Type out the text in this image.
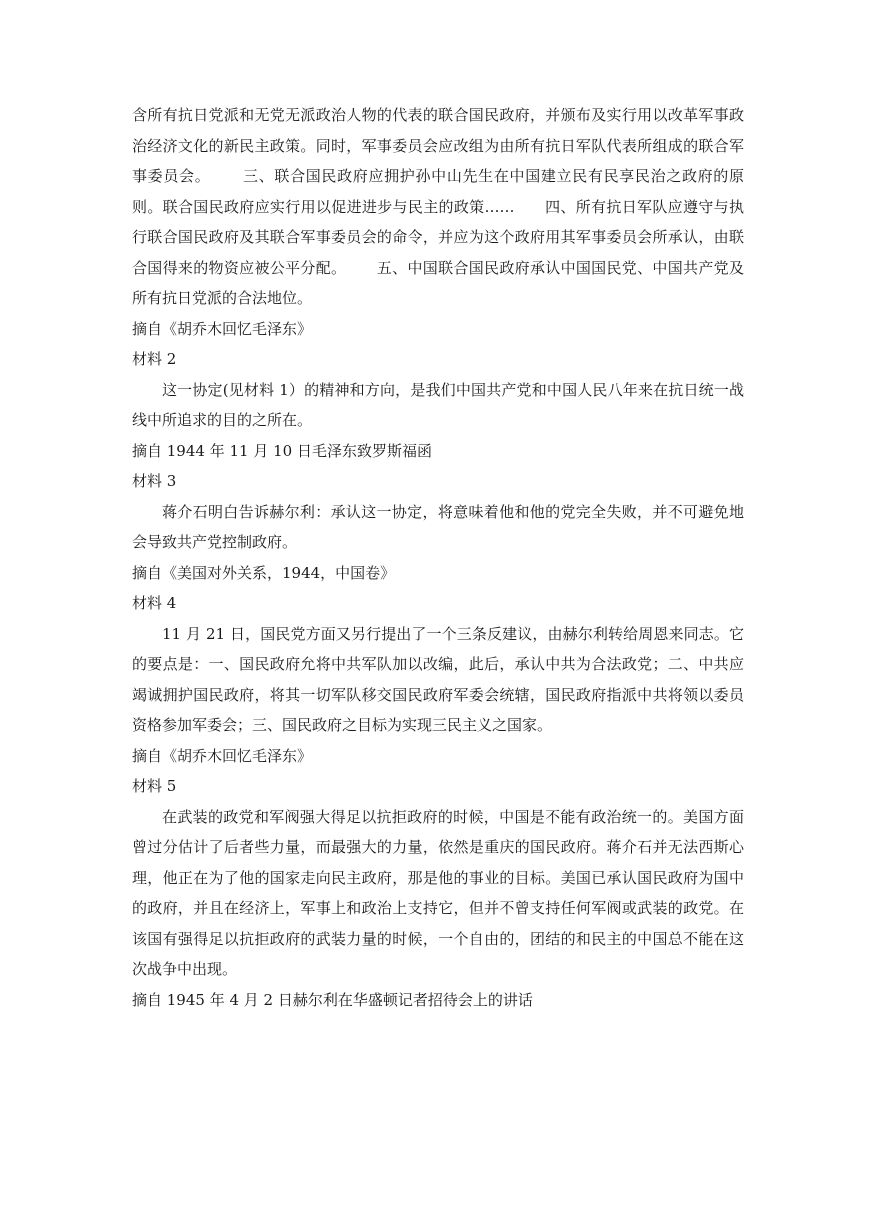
含所有抗日党派和无党无派政治人物的代表的联合国民政府，并颁布及实行用以改革军事政治经济文化的新民主政策。同时，军事委员会应改组为由所有抗日军队代表所组成的联合军事委员会。      三、联合国民政府应拥护孙中山先生在中国建立民有民享民治之政府的原则。联合国民政府应实行用以促进进步与民主的政策……      四、所有抗日军队应遵守与执行联合国民政府及其联合军事委员会的命令，并应为这个政府用其军事委员会所承认，由联合国得来的物资应被公平分配。      五、中国联合国民政府承认中国国民党、中国共产党及所有抗日党派的合法地位。

摘自《胡乔木回忆毛泽东》

材料 2

这一协定(见材料 1）的精神和方向，是我们中国共产党和中国人民八年来在抗日统一战线中所追求的目的之所在。

摘自 1944 年 11 月 10 日毛泽东致罗斯福函

材料 3

蒋介石明白告诉赫尔利：承认这一协定，将意味着他和他的党完全失败，并不可避免地会导致共产党控制政府。

摘自《美国对外关系，1944，中国卷》

材料 4

11 月 21 日，国民党方面又另行提出了一个三条反建议，由赫尔利转给周恩来同志。它的要点是：一、国民政府允将中共军队加以改编，此后，承认中共为合法政党；二、中共应竭诚拥护国民政府，将其一切军队移交国民政府军委会统辖，国民政府指派中共将领以委员资格参加军委会；三、国民政府之目标为实现三民主义之国家。

摘自《胡乔木回忆毛泽东》

材料 5

在武装的政党和军阀强大得足以抗拒政府的时候，中国是不能有政治统一的。美国方面曾过分估计了后者些力量，而最强大的力量，依然是重庆的国民政府。蒋介石并无法西斯心理，他正在为了他的国家走向民主政府，那是他的事业的目标。美国已承认国民政府为国中的政府，并且在经济上，军事上和政治上支持它，但并不曾支持任何军阀或武装的政党。在该国有强得足以抗拒政府的武装力量的时候，一个自由的，团结的和民主的中国总不能在这次战争中出现。

摘自 1945 年 4 月 2 日赫尔利在华盛顿记者招待会上的讲话
